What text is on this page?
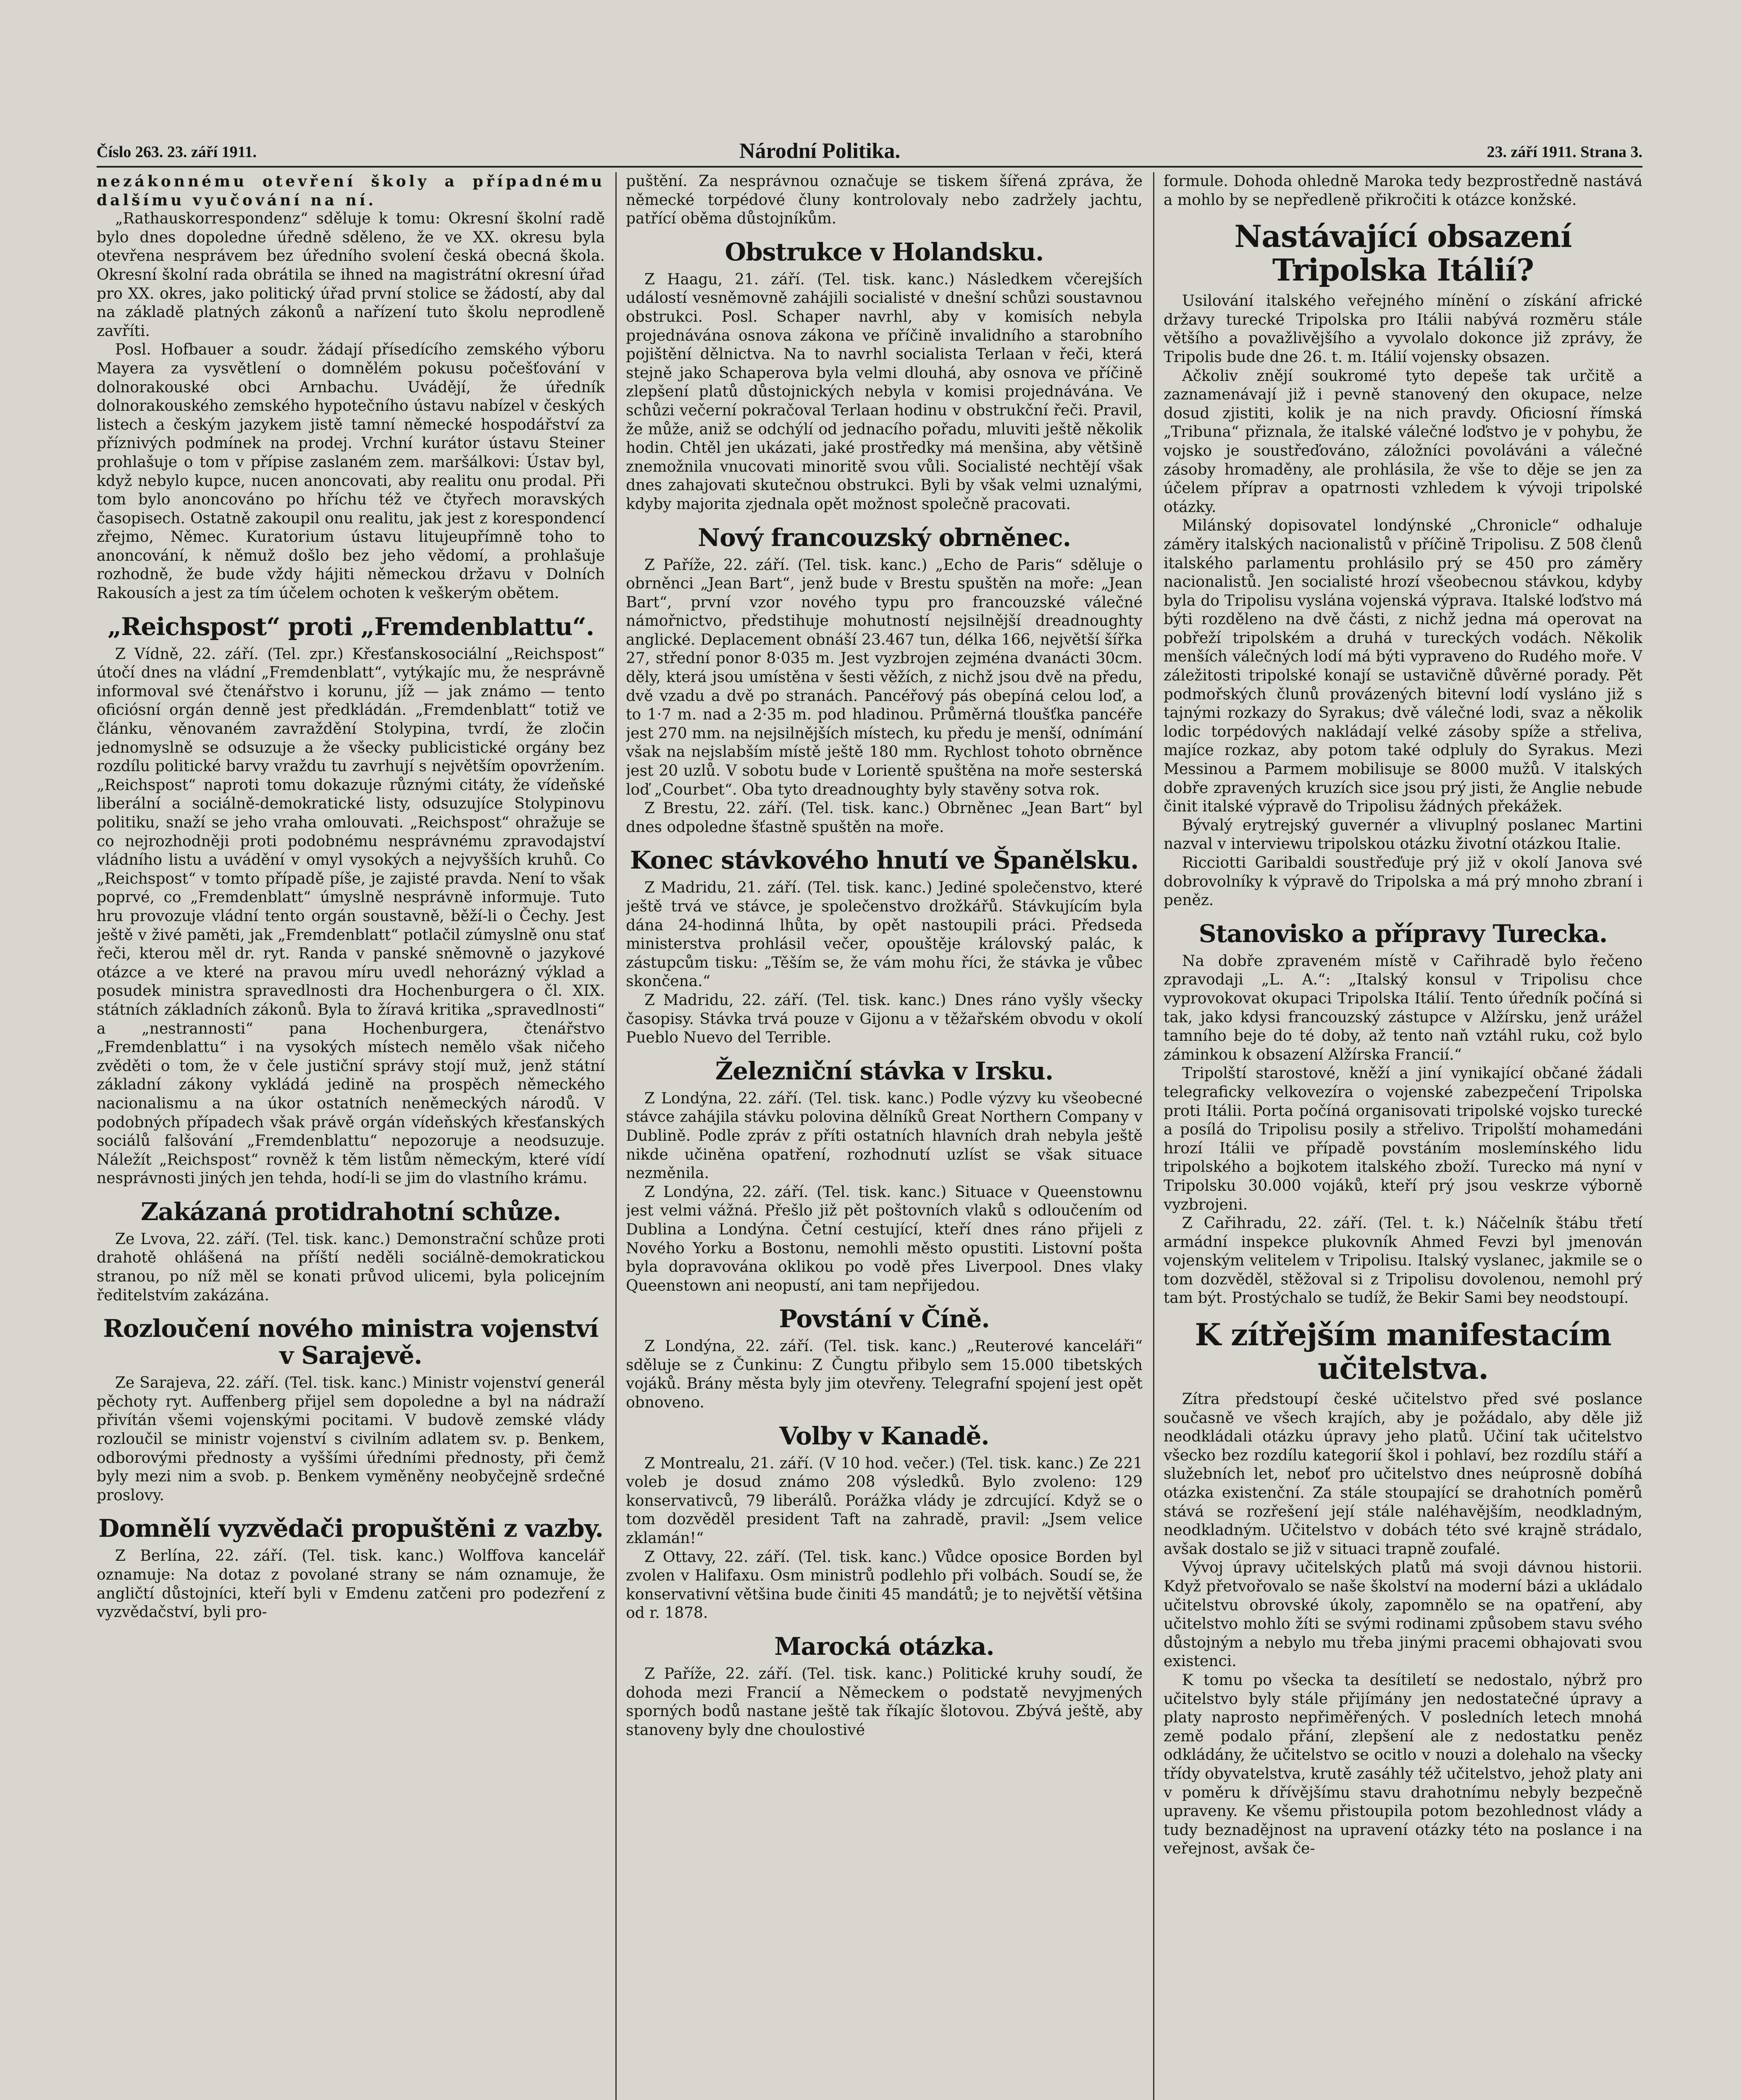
Číslo 263. 23. září 1911.	Národní Politika.	23. září 1911. Strana 3.

nezákonnému otevření školy a případnému dalšímu vyučování na ní.

„Rathauskorrespondenz“ sděluje k tomu: Okresní školní radě bylo dnes dopoledne úředně sděleno, že ve XX. okresu byla otevřena nesprávem bez úředního svolení česká obecná škola. Okresní školní rada obrátila se ihned na magistrátní okresní úřad pro XX. okres, jako politický úřad první stolice se žádostí, aby dal na základě platných zákonů a nařízení tuto školu neprodleně zavříti.

Posl. Hofbauer a soudr. žádají přísedícího zemského výboru Mayera za vysvětlení o domnělém pokusu počešťování v dolnorakouské obci Arnbachu. Uvádějí, že úředník dolnorakouského zemského hypotečního ústavu nabízel v českých listech a českým jazykem jistě tamní německé hospodářství za příznivých podmínek na prodej. Vrchní kurátor ústavu Steiner prohlašuje o tom v přípise zaslaném zem. maršálkovi: Ústav byl, když nebylo kupce, nucen anoncovati, aby realitu onu prodal. Při tom bylo anoncováno po hříchu též ve čtyřech moravských časopisech. Ostatně zakoupil onu realitu, jak jest z korespondencí zřejmo, Němec. Kuratorium ústavu litujeupřímně toho to anoncování, k němuž došlo bez jeho vědomí, a prohlašuje rozhodně, že bude vždy hájiti německou državu v Dolních Rakousích a jest za tím účelem ochoten k veškerým obětem.

„Reichspost“ proti „Fremdenblattu“.

Z Vídně, 22. září. (Tel. zpr.) Křesťanskosociální „Reichspost“ útočí dnes na vládní „Fremdenblatt“, vytýkajíc mu, že nesprávně informoval své čtenářstvo i korunu, jíž — jak známo — tento oficiósní orgán denně jest předkládán. „Fremdenblatt“ totiž ve článku, věnovaném zavraždění Stolypina, tvrdí, že zločin jednomyslně se odsuzuje a že všecky publicistické orgány bez rozdílu politické barvy vraždu tu zavrhují s největším opovržením. „Reichspost“ naproti tomu dokazuje různými citáty, že vídeňské liberální a sociálně-demokratické listy, odsuzujíce Stolypinovu politiku, snaží se jeho vraha omlouvati. „Reichspost“ ohražuje se co nejrozhodněji proti podobnému nesprávnému zpravodajství vládního listu a uvádění v omyl vysokých a nejvyšších kruhů. Co „Reichspost“ v tomto případě píše, je zajisté pravda. Není to však poprvé, co „Fremdenblatt“ úmyslně nesprávně informuje. Tuto hru provozuje vládní tento orgán soustavně, běží-li o Čechy. Jest ještě v živé paměti, jak „Fremdenblatt“ potlačil zúmyslně onu stať řeči, kterou měl dr. ryt. Randa v panské sněmovně o jazykové otázce a ve které na pravou míru uvedl nehorázný výklad a posudek ministra spravedlnosti dra Hochenburgera o čl. XIX. státních základních zákonů. Byla to žíravá kritika „spravedlnosti“ a „nestrannosti“ pana Hochenburgera, čtenářstvo „Fremdenblattu“ i na vysokých místech nemělo však ničeho zvěděti o tom, že v čele justiční správy stojí muž, jenž státní základní zákony vykládá jedině na prospěch německého nacionalismu a na úkor ostatních neněmeckých národů. V podobných případech však právě orgán vídeňských křesťanských sociálů falšování „Fremdenblattu“ nepozoruje a neodsuzuje. Náležít „Reichspost“ rovněž k těm listům německým, které vídí nesprávnosti jiných jen tehda, hodí-li se jim do vlastního krámu.

Zakázaná protidrahotní schůze.

Ze Lvova, 22. září. (Tel. tisk. kanc.) Demonstrační schůze proti drahotě ohlášená na příští neděli sociálně-demokratickou stranou, po níž měl se konati průvod ulicemi, byla policejním ředitelstvím zakázána.

Rozloučení nového ministra vojenství v Sarajevě.

Ze Sarajeva, 22. září. (Tel. tisk. kanc.) Ministr vojenství generál pěchoty ryt. Auffenberg přijel sem dopoledne a byl na nádraží přivítán všemi vojenskými pocitami. V budově zemské vlády rozloučil se ministr vojenství s civilním adlatem sv. p. Benkem, odborovými přednosty a vyššími úředními přednosty, při čemž byly mezi nim a svob. p. Benkem vyměněny neobyčejně srdečné proslovy.

Domnělí vyzvědači propuštěni z vazby.

Z Berlína, 22. září. (Tel. tisk. kanc.) Wolffova kancelář oznamuje: Na dotaz z povolané strany se nám oznamuje, že angličtí důstojníci, kteří byli v Emdenu zatčeni pro podezření z vyzvědačství, byli pro-

puštění. Za nesprávnou označuje se tiskem šířená zpráva, že německé torpédové čluny kontrolovaly nebo zadržely jachtu, patřící oběma důstojníkům.

Obstrukce v Holandsku.

Z Haagu, 21. září. (Tel. tisk. kanc.) Následkem včerejších událostí vesněmovně zahájili socialisté v dnešní schůzi soustavnou obstrukci. Posl. Schaper navrhl, aby v komisích nebyla projednávána osnova zákona ve příčině invalidního a starobního pojištění dělnictva. Na to navrhl socialista Terlaan v řeči, která stejně jako Schaperova byla velmi dlouhá, aby osnova ve příčině zlepšení platů důstojnických nebyla v komisi projednávána. Ve schůzi večerní pokračoval Terlaan hodinu v obstrukční řeči. Pravil, že může, aniž se odchýlí od jednacího pořadu, mluviti ještě několik hodin. Chtěl jen ukázati, jaké prostředky má menšina, aby většině znemožnila vnucovati minoritě svou vůli. Socialisté nechtějí však dnes zahajovati skutečnou obstrukci. Byli by však velmi uznalými, kdyby majorita zjednala opět možnost společně pracovati.

Nový francouzský obrněnec.

Z Paříže, 22. září. (Tel. tisk. kanc.) „Echo de Paris“ sděluje o obrněnci „Jean Bart“, jenž bude v Brestu spuštěn na moře: „Jean Bart“, první vzor nového typu pro francouzské válečné námořnictvo, předstihuje mohutností nejsilnější dreadnoughty anglické. Deplacement obnáší 23.467 tun, délka 166, největší šířka 27, střední ponor 8·035 m. Jest vyzbrojen zejména dvanácti 30cm. děly, která jsou umístěna v šesti věžích, z nichž jsou dvě na předu, dvě vzadu a dvě po stranách. Pancéřový pás obepíná celou loď, a to 1·7 m. nad a 2·35 m. pod hladinou. Průměrná tloušťka pancéře jest 270 mm. na nejsilnějších místech, ku předu je menší, odnímání však na nejslabším místě ještě 180 mm. Rychlost tohoto obrněnce jest 20 uzlů. V sobotu bude v Lorientě spuštěna na moře sesterská loď „Courbet“. Oba tyto dreadnoughty byly stavěny sotva rok.

Z Brestu, 22. září. (Tel. tisk. kanc.) Obrněnec „Jean Bart“ byl dnes odpoledne šťastně spuštěn na moře.

Konec stávkového hnutí ve Španělsku.

Z Madridu, 21. září. (Tel. tisk. kanc.) Jediné společenstvo, které ještě trvá ve stávce, je společenstvo drožkářů. Stávkujícím byla dána 24-hodinná lhůta, by opět nastoupili práci. Předseda ministerstva prohlásil večer, opouštěje královský palác, k zástupcům tisku: „Těším se, že vám mohu říci, že stávka je vůbec skončena.“

Z Madridu, 22. září. (Tel. tisk. kanc.) Dnes ráno vyšly všecky časopisy. Stávka trvá pouze v Gijonu a v těžařském obvodu v okolí Pueblo Nuevo del Terrible.

Železniční stávka v Irsku.

Z Londýna, 22. září. (Tel. tisk. kanc.) Podle výzvy ku všeobecné stávce zahájila stávku polovina dělníků Great Northern Company v Dublině. Podle zpráv z příti ostatních hlavních drah nebyla ještě nikde učiněna opatření, rozhodnutí uzlíst se však situace nezměnila.

Z Londýna, 22. září. (Tel. tisk. kanc.) Situace v Queenstownu jest velmi vážná. Přešlo již pět poštovních vlaků s odloučením od Dublina a Londýna. Četní cestující, kteří dnes ráno přijeli z Nového Yorku a Bostonu, nemohli město opustiti. Listovní pošta byla dopravována oklikou po vodě přes Liverpool. Dnes vlaky Queenstown ani neopustí, ani tam nepřijedou.

Povstání v Číně.

Z Londýna, 22. září. (Tel. tisk. kanc.) „Reuterové kanceláři“ sděluje se z Čunkinu: Z Čungtu přibylo sem 15.000 tibetských vojáků. Brány města byly jim otevřeny. Telegrafní spojení jest opět obnoveno.

Volby v Kanadě.

Z Montrealu, 21. září. (V 10 hod. večer.) (Tel. tisk. kanc.) Ze 221 voleb je dosud známo 208 výsledků. Bylo zvoleno: 129 konservativců, 79 liberálů. Porážka vlády je zdrcující. Když se o tom dozvěděl president Taft na zahradě, pravil: „Jsem velice zklamán!“

Z Ottavy, 22. září. (Tel. tisk. kanc.) Vůdce oposice Borden byl zvolen v Halifaxu. Osm ministrů podlehlo při volbách. Soudí se, že konservativní většina bude činiti 45 mandátů; je to největší většina od r. 1878.

Marocká otázka.

Z Paříže, 22. září. (Tel. tisk. kanc.) Politické kruhy soudí, že dohoda mezi Francií a Německem o podstatě nevyjmených sporných bodů nastane ještě tak říkajíc šlotovou. Zbývá ještě, aby stanoveny byly dne choulostivé

formule. Dohoda ohledně Maroka tedy bezprostředně nastává a mohlo by se nepředleně přikročiti k otázce konžské.

Nastávající obsazení Tripolska Itálií?

Usilování italského veřejného mínění o získání africké državy turecké Tripolska pro Itálii nabývá rozměru stále většího a považlivějšího a vyvolalo dokonce již zprávy, že Tripolis bude dne 26. t. m. Itálií vojensky obsazen.

Ačkoliv znějí soukromé tyto depeše tak určitě a zaznamenávají již i pevně stanovený den okupace, nelze dosud zjistiti, kolik je na nich pravdy. Oficiosní římská „Tribuna“ přiznala, že italské válečné loďstvo je v pohybu, že vojsko je soustřeďováno, záložníci povoláváni a válečné zásoby hromaděny, ale prohlásila, že vše to děje se jen za účelem příprav a opatrnosti vzhledem k vývoji tripolské otázky.

Milánský dopisovatel londýnské „Chronicle“ odhaluje záměry italských nacionalistů v příčině Tripolisu. Z 508 členů italského parlamentu prohlásilo prý se 450 pro záměry nacionalistů. Jen socialisté hrozí všeobecnou stávkou, kdyby byla do Tripolisu vyslána vojenská výprava. Italské loďstvo má býti rozděleno na dvě části, z nichž jedna má operovat na pobřeží tripolském a druhá v tureckých vodách. Několik menších válečných lodí má býti vypraveno do Rudého moře. V záležitosti tripolské konají se ustavičně důvěrné porady. Pět podmořských člunů provázených bitevní lodí vysláno již s tajnými rozkazy do Syrakus; dvě válečné lodi, svaz a několik lodic torpédových nakládají velké zásoby spíže a střeliva, majíce rozkaz, aby potom také odpluly do Syrakus. Mezi Messinou a Parmem mobilisuje se 8000 mužů. V italských dobře zpravených kruzích sice jsou prý jisti, že Anglie nebude činit italské výpravě do Tripolisu žádných překážek.

Bývalý erytrejský guvernér a vlivuplný poslanec Martini nazval v interviewu tripolskou otázku životní otázkou Italie.

Ricciotti Garibaldi soustřeďuje prý již v okolí Janova své dobrovolníky k výpravě do Tripolska a má prý mnoho zbraní i peněz.

Stanovisko a přípravy Turecka.

Na dobře zpraveném místě v Cařihradě bylo řečeno zpravodaji „L. A.“: „Italský konsul v Tripolisu chce vyprovokovat okupaci Tripolska Itálií. Tento úředník počíná si tak, jako kdysi francouzský zástupce v Alžírsku, jenž urážel tamního beje do té doby, až tento naň vztáhl ruku, což bylo záminkou k obsazení Alžírska Francií.“

Tripolští starostové, kněží a jiní vynikající občané žádali telegraficky velkovezíra o vojenské zabezpečení Tripolska proti Itálii. Porta počíná organisovati tripolské vojsko turecké a posílá do Tripolisu posily a střelivo. Tripolští mohamedáni hrozí Itálii ve případě povstáním moslemínského lidu tripolského a bojkotem italského zboží. Turecko má nyní v Tripolsku 30.000 vojáků, kteří prý jsou veskrze výborně vyzbrojeni.

Z Cařihradu, 22. září. (Tel. t. k.) Náčelník štábu třetí armádní inspekce plukovník Ahmed Fevzi byl jmenován vojenským velitelem v Tripolisu. Italský vyslanec, jakmile se o tom dozvěděl, stěžoval si z Tripolisu dovolenou, nemohl prý tam být. Prostýchalo se tudíž, že Bekir Sami bey neodstoupí.

K zítřejším manifestacím učitelstva.

Zítra předstoupí české učitelstvo před své poslance současně ve všech krajích, aby je požádalo, aby děle již neodkládali otázku úpravy jeho platů. Učiní tak učitelstvo všecko bez rozdílu kategorií škol i pohlaví, bez rozdílu stáří a služebních let, neboť pro učitelstvo dnes neúprosně dobíhá otázka existenční. Za stále stoupající se drahotních poměrů stává se rozřešení její stále naléhavějším, neodkladným, neodkladným. Učitelstvo v dobách této své krajně strádalo, avšak dostalo se již v situaci trapně zoufalé.

Vývoj úpravy učitelských platů má svoji dávnou historii. Když přetvořovalo se naše školství na moderní bázi a ukládalo učitelstvu obrovské úkoly, zapomnělo se na opatření, aby učitelstvo mohlo žíti se svými rodinami způsobem stavu svého důstojným a nebylo mu třeba jinými pracemi obhajovati svou existenci.

K tomu po všecka ta desítiletí se nedostalo, nýbrž pro učitelstvo byly stále přijímány jen nedostatečné úpravy a platy naprosto nepřiměřených. V posledních letech mnohá země podalo přání, zlepšení ale z nedostatku peněz odkládány, že učitelstvo se ocitlo v nouzi a dolehalo na všecky třídy obyvatelstva, krutě zasáhly též učitelstvo, jehož platy ani v poměru k dřívějšímu stavu drahotnímu nebyly bezpečně upraveny. Ke všemu přistoupila potom bezohlednost vlády a tudy beznadějnost na upravení otázky této na poslance i na veřejnost, avšak če-
